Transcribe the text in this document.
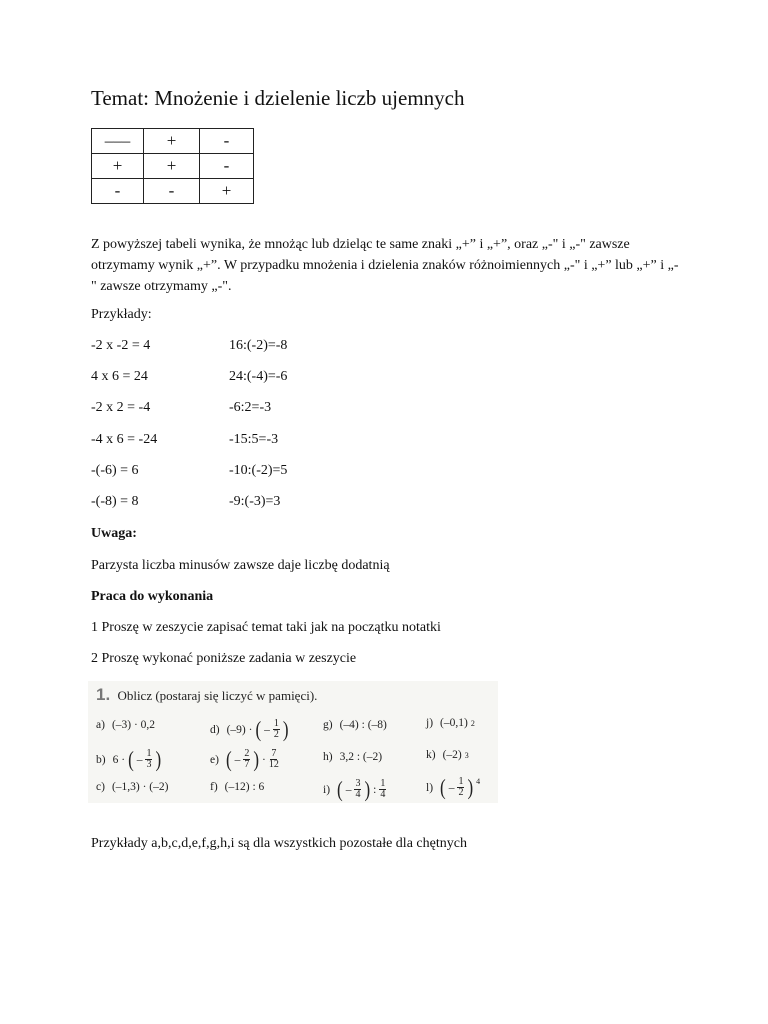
Temat: Mnożenie i dzielenie liczb ujemnych
–––	+	-
+	+	-
-	-	+

Z powyższej tabeli wynika, że mnożąc lub dzieląc te same znaki „+” i „+”, oraz „-" i „-" zawsze otrzymamy wynik „+”. W przypadku mnożenia i dzielenia znaków różnoimiennych „-" i „+” lub „+” i „-" zawsze otrzymamy „-".

Przykłady:

-2 x -2 = 4	16:(-2)=-8

4 x 6 = 24	24:(-4)=-6

-2 x 2 = -4	-6:2=-3

-4 x 6 = -24	-15:5=-3

-(-6) = 6	-10:(-2)=5

-(-8) = 8	-9:(-3)=3

Uwaga:

Parzysta liczba minusów zawsze daje liczbę dodatnią

Praca do wykonania

1 Proszę w zeszycie zapisać temat taki jak na początku notatki

2 Proszę wykonać poniższe zadania w zeszycie

1. Oblicz (postaraj się liczyć w pamięci).
a) (–3) · 0,2
b) 6 · ( – $\frac{1}{3}$ )
c) (–1,3) · (–2)
d) (–9) · ( – $\frac{1}{2}$ )
e) ( – $\frac{2}{7}$ ) · $\frac{7}{12}$
f) (–12) : 6
g) (–4) : (–8)
h) 3,2 : (–2)
i) ( – $\frac{3}{4}$ ) : $\frac{1}{4}$
j) (–0,1) 2
k) (–2) 3
l) ( – $\frac{1}{2}$ ) $^4$

Przykłady a,b,c,d,e,f,g,h,i są dla wszystkich pozostałe dla chętnych
